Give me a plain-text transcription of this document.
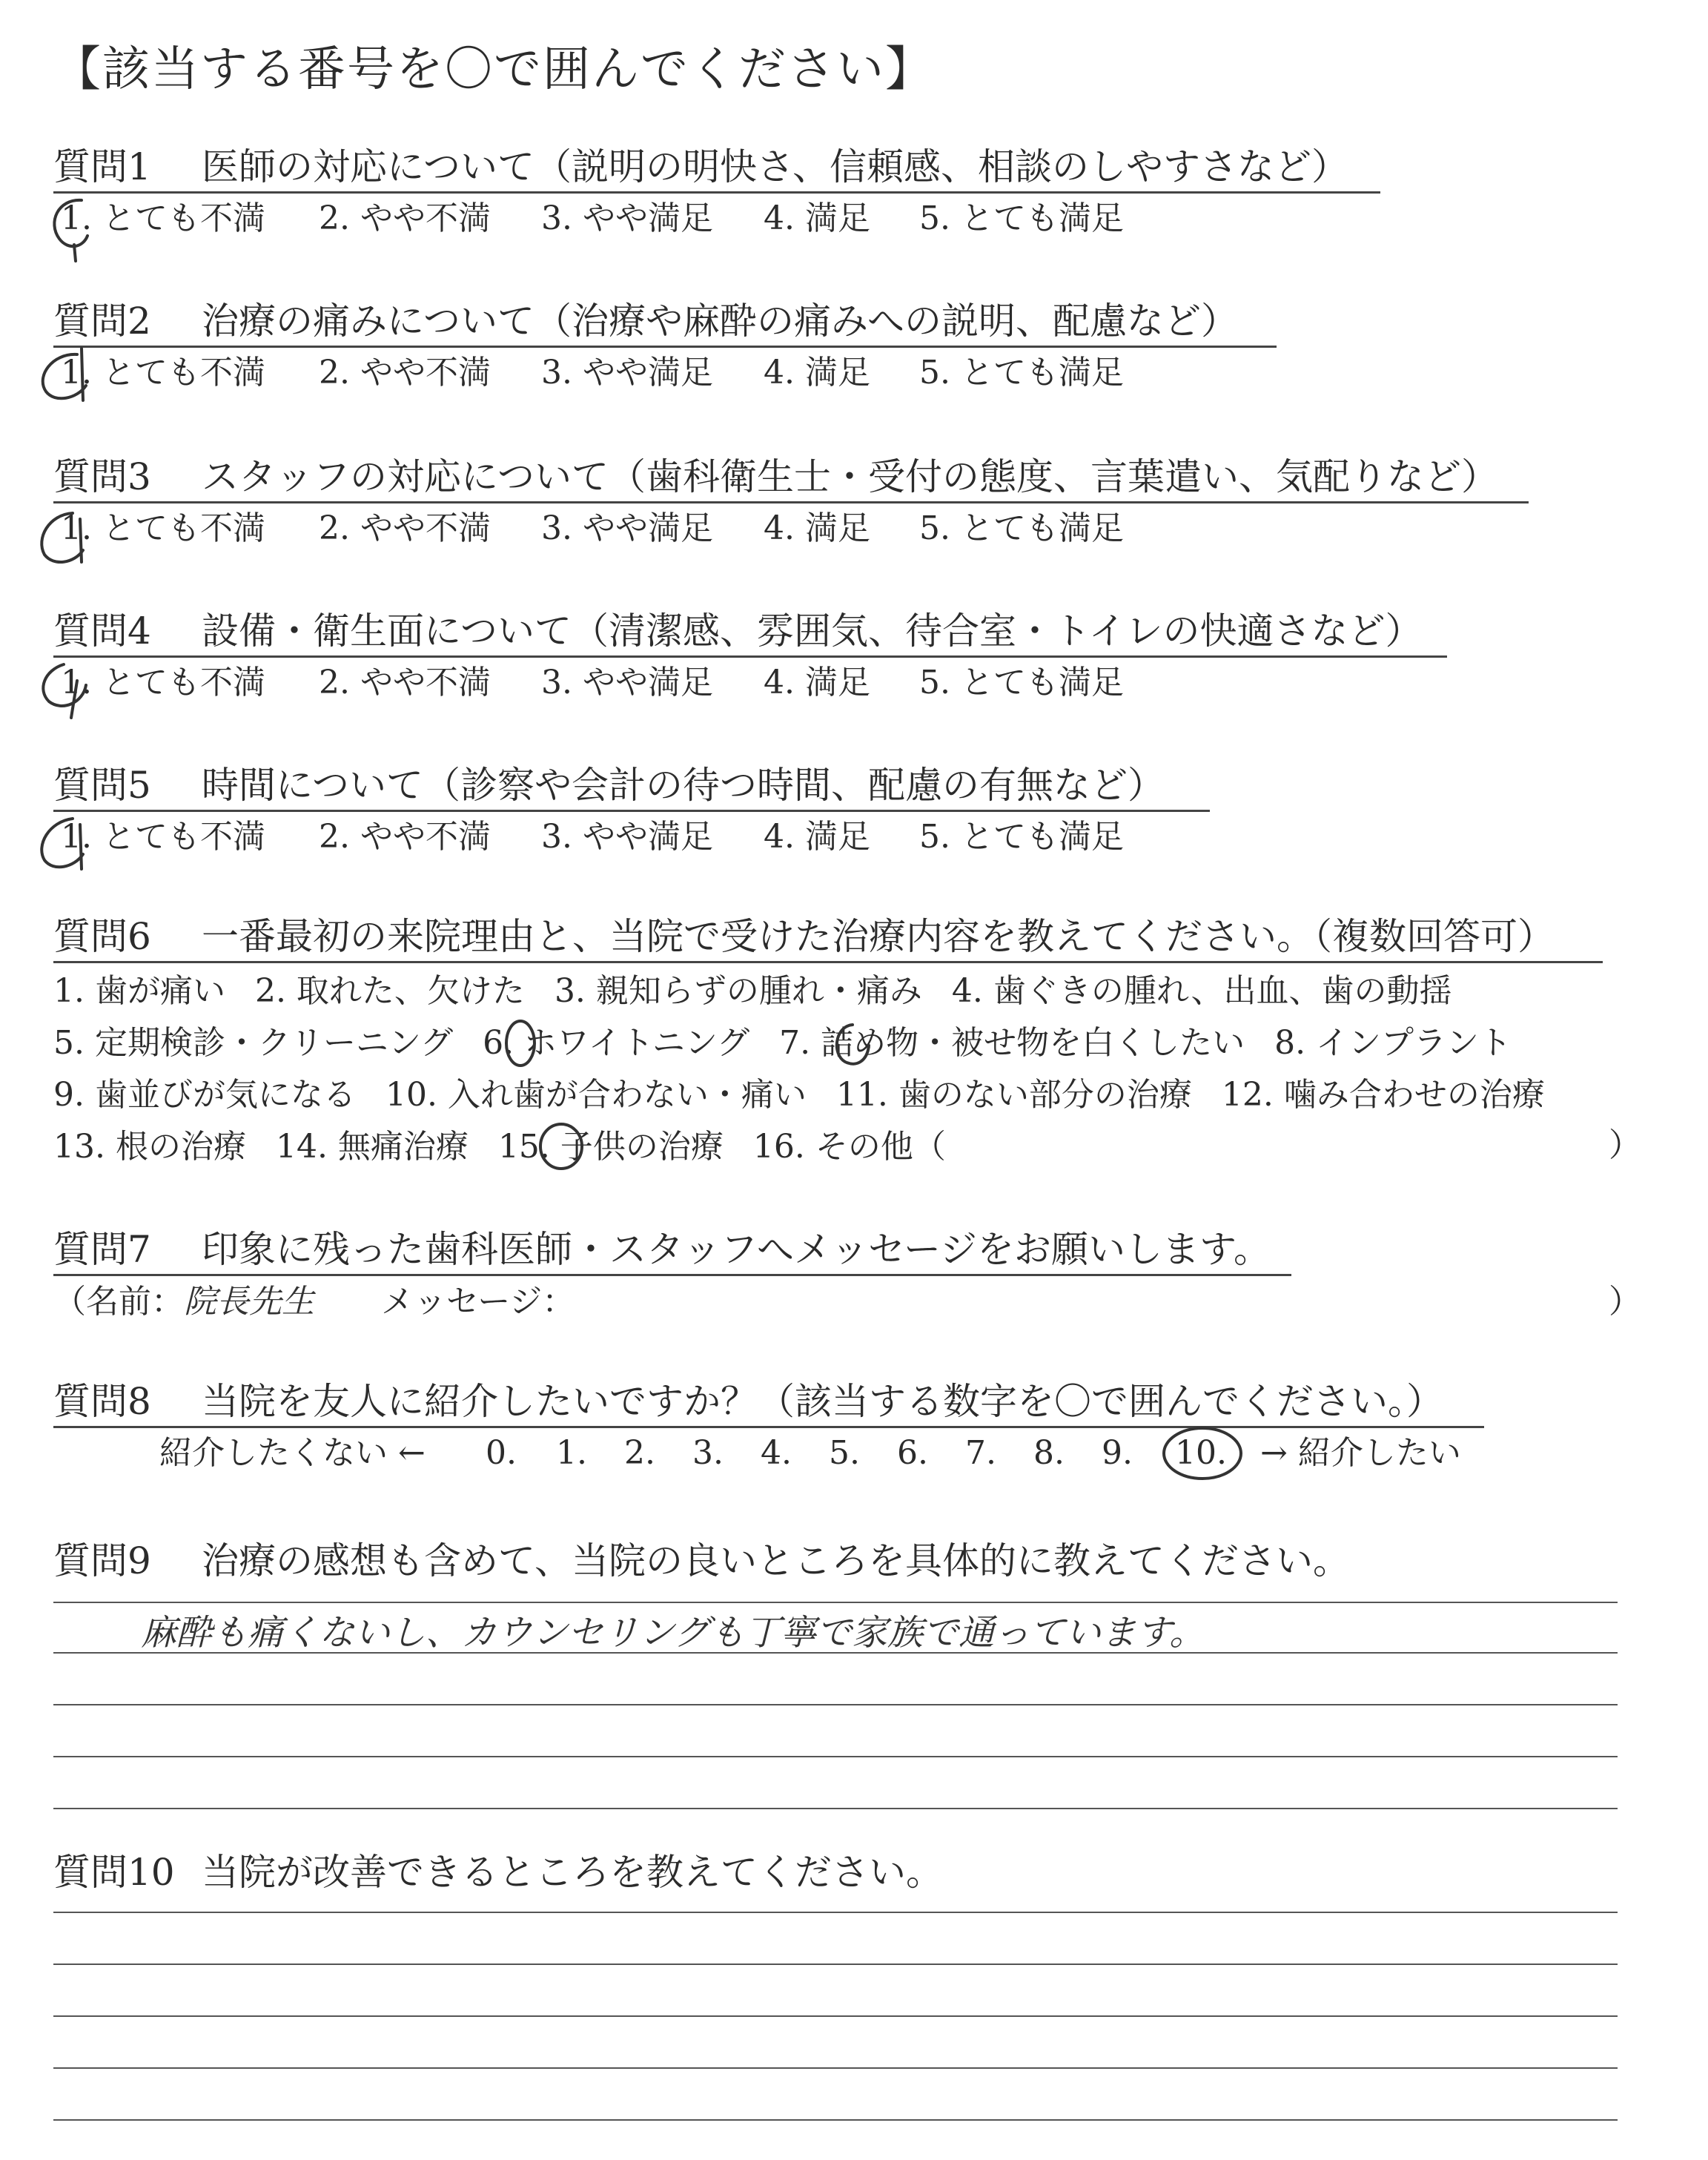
【該当する番号を〇で囲んでください】
質問1 医師の対応について（説明の明快さ、信頼感、相談のしやすさなど）
1. とても不満 2. やや不満 3. やや満足 4. 満足 5. とても満足
質問2 治療の痛みについて（治療や麻酔の痛みへの説明、配慮など）
1. とても不満 2. やや不満 3. やや満足 4. 満足 5. とても満足
質問3 スタッフの対応について（歯科衛生士・受付の態度、言葉遣い、気配りなど）
1. とても不満 2. やや不満 3. やや満足 4. 満足 5. とても満足
質問4 設備・衛生面について（清潔感、雰囲気、待合室・トイレの快適さなど）
1. とても不満 2. やや不満 3. やや満足 4. 満足 5. とても満足
質問5 時間について（診察や会計の待つ時間、配慮の有無など）
1. とても不満 2. やや不満 3. やや満足 4. 満足 5. とても満足
質問6 一番最初の来院理由と、当院で受けた治療内容を教えてください。（複数回答可）
1. 歯が痛い 2. 取れた、欠けた 3. 親知らずの腫れ・痛み 4. 歯ぐきの腫れ、出血、歯の動揺
5. 定期検診・クリーニング 6. ホワイトニング 7. 詰め物・被せ物を白くしたい 8. インプラント
9. 歯並びが気になる 10. 入れ歯が合わない・痛い 11. 歯のない部分の治療 12. 噛み合わせの治療
13. 根の治療 14. 無痛治療 15. 子供の治療 16. その他（	）
質問7 印象に残った歯科医師・スタッフへメッセージをお願いします。
（名前：院長先生 メッセージ：	）
質問8 当院を友人に紹介したいですか？（該当する数字を〇で囲んでください。）
紹介したくない ← 0. 1. 2. 3. 4. 5. 6. 7. 8. 9. 10. → 紹介したい
質問9 治療の感想も含めて、当院の良いところを具体的に教えてください。
麻酔も痛くないし、カウンセリングも丁寧で家族で通っています。
質問10 当院が改善できるところを教えてください。
